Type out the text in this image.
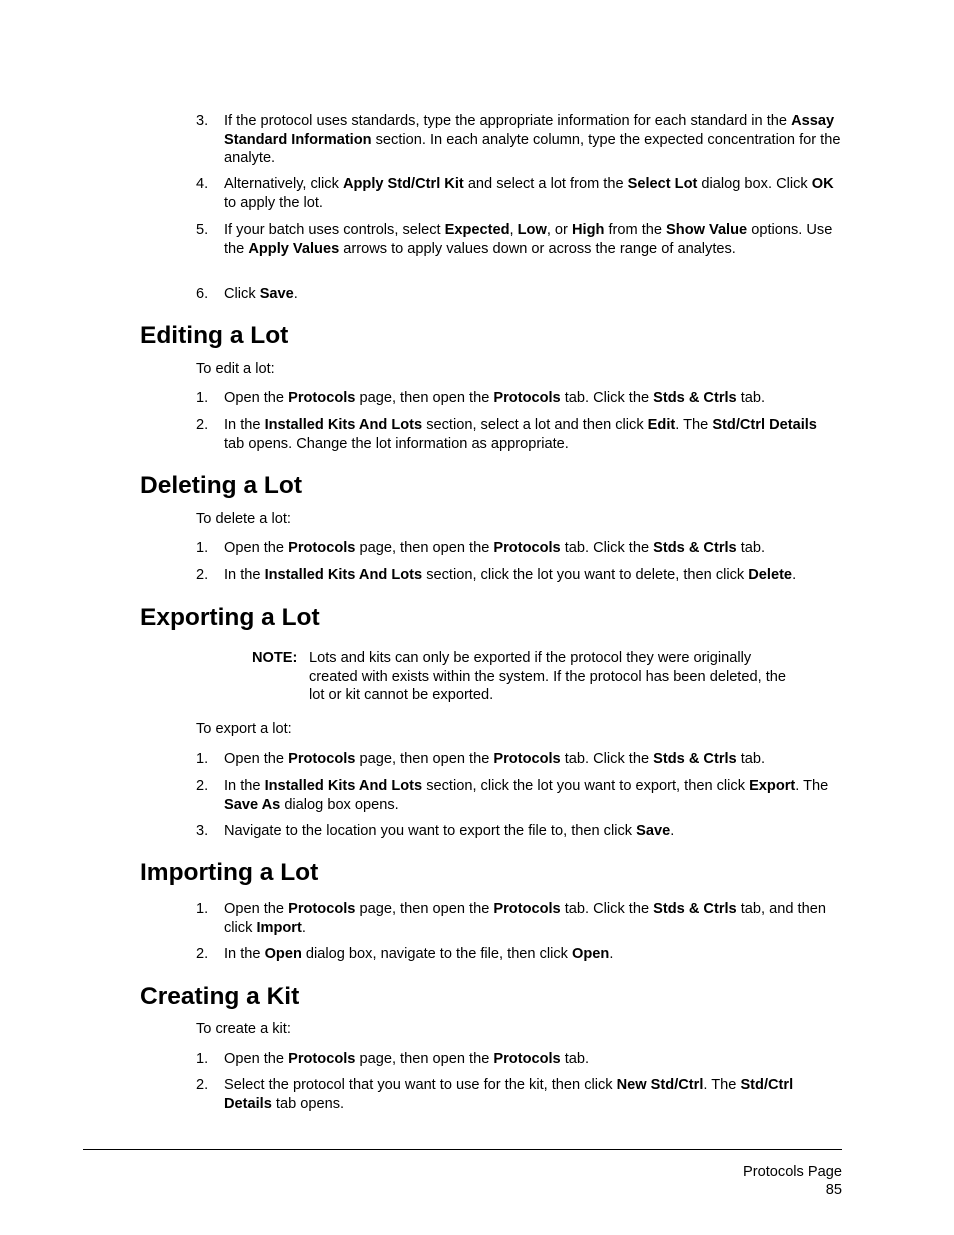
3. If the protocol uses standards, type the appropriate information for each standard in the Assay Standard Information section. In each analyte column, type the expected concentration for the analyte.
4. Alternatively, click Apply Std/Ctrl Kit and select a lot from the Select Lot dialog box. Click OK to apply the lot.
5. If your batch uses controls, select Expected, Low, or High from the Show Value options. Use the Apply Values arrows to apply values down or across the range of analytes.
6. Click Save.
Editing a Lot
To edit a lot:
1. Open the Protocols page, then open the Protocols tab. Click the Stds & Ctrls tab.
2. In the Installed Kits And Lots section, select a lot and then click Edit. The Std/Ctrl Details tab opens. Change the lot information as appropriate.
Deleting a Lot
To delete a lot:
1. Open the Protocols page, then open the Protocols tab. Click the Stds & Ctrls tab.
2. In the Installed Kits And Lots section, click the lot you want to delete, then click Delete.
Exporting a Lot
NOTE: Lots and kits can only be exported if the protocol they were originally created with exists within the system. If the protocol has been deleted, the lot or kit cannot be exported.
To export a lot:
1. Open the Protocols page, then open the Protocols tab. Click the Stds & Ctrls tab.
2. In the Installed Kits And Lots section, click the lot you want to export, then click Export. The Save As dialog box opens.
3. Navigate to the location you want to export the file to, then click Save.
Importing a Lot
1. Open the Protocols page, then open the Protocols tab. Click the Stds & Ctrls tab, and then click Import.
2. In the Open dialog box, navigate to the file, then click Open.
Creating a Kit
To create a kit:
1. Open the Protocols page, then open the Protocols tab.
2. Select the protocol that you want to use for the kit, then click New Std/Ctrl. The Std/Ctrl Details tab opens.
Protocols Page
85
